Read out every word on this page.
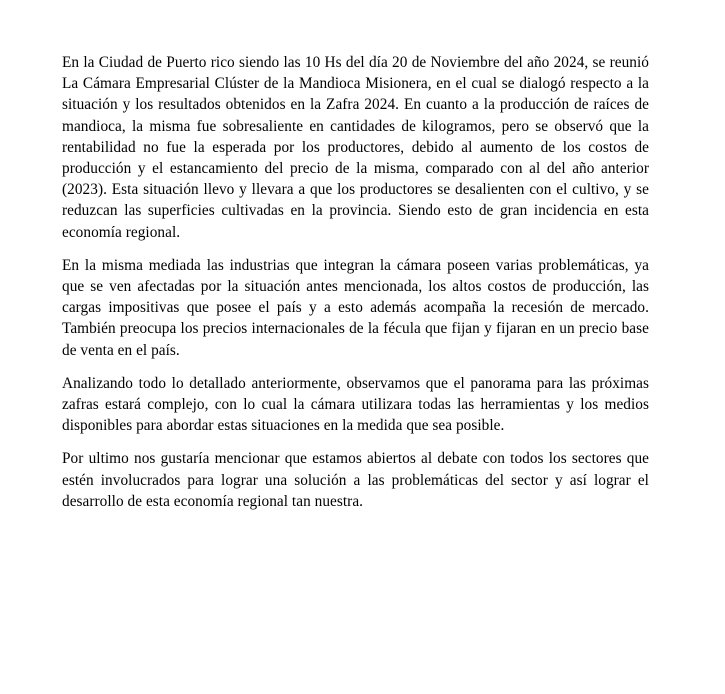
En la Ciudad de Puerto rico siendo las 10 Hs del día 20 de Noviembre del año 2024, se reunió La Cámara Empresarial Clúster de la Mandioca Misionera, en el cual se dialogó respecto a la situación y los resultados obtenidos en la Zafra 2024. En cuanto a la producción de raíces de mandioca, la misma fue sobresaliente en cantidades de kilogramos, pero se observó que la rentabilidad no fue la esperada por los productores, debido al aumento de los costos de producción y el estancamiento del precio de la misma, comparado con al del año anterior (2023). Esta situación llevo y llevara a que los productores se desalienten con el cultivo, y se reduzcan las superficies cultivadas en la provincia. Siendo esto de gran incidencia en esta economía regional.

En la misma mediada las industrias que integran la cámara poseen varias problemáticas, ya que se ven afectadas por la situación antes mencionada, los altos costos de producción, las cargas impositivas que posee el país y a esto además acompaña la recesión de mercado. También preocupa los precios internacionales de la fécula que fijan y fijaran en un precio base de venta en el país.

Analizando todo lo detallado anteriormente, observamos que el panorama para las próximas zafras estará complejo, con lo cual la cámara utilizara todas las herramientas y los medios disponibles para abordar estas situaciones en la medida que sea posible.

Por ultimo nos gustaría mencionar que estamos abiertos al debate con todos los sectores que estén involucrados para lograr una solución a las problemáticas del sector y así lograr el desarrollo de esta economía regional tan nuestra.
